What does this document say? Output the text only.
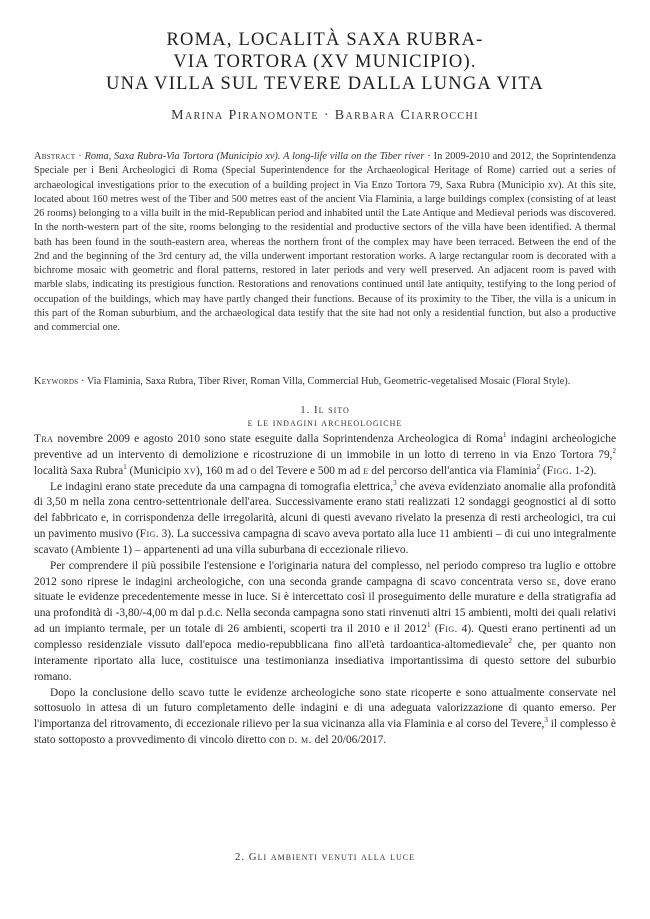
ROMA, LOCALITÀ SAXA RUBRA-
VIA TORTORA (XV MUNICIPIO).
UNA VILLA SUL TEVERE DALLA LUNGA VITA
Marina Piranomonte · Barbara Ciarrocchi
Abstract · Roma, Saxa Rubra-Via Tortora (Municipio xv). A long-life villa on the Tiber river · In 2009-2010 and 2012, the Soprintendenza Speciale per i Beni Archeologici di Roma (Special Superintendence for the Archaeological Heritage of Rome) carried out a series of archaeological investigations prior to the execution of a building project in Via Enzo Tortora 79, Saxa Rubra (Municipio xv). At this site, located about 160 metres west of the Tiber and 500 metres east of the ancient Via Flaminia, a large buildings complex (consisting of at least 26 rooms) belonging to a villa built in the mid-Republican period and inhabited until the Late Antique and Medieval periods was discovered. In the north-western part of the site, rooms belonging to the residential and productive sectors of the villa have been identified. A thermal bath has been found in the south-eastern area, whereas the northern front of the complex may have been terraced. Between the end of the 2nd and the beginning of the 3rd century ad, the villa underwent important restoration works. A large rectangular room is decorated with a bichrome mosaic with geometric and floral patterns, restored in later periods and very well preserved. An adjacent room is paved with marble slabs, indicating its prestigious function. Restorations and renovations continued until late antiquity, testifying to the long period of occupation of the buildings, which may have partly changed their functions. Because of its proximity to the Tiber, the villa is a unicum in this part of the Roman suburbium, and the archaeological data testify that the site had not only a residential function, but also a productive and commercial one.
Keywords · Via Flaminia, Saxa Rubra, Tiber River, Roman Villa, Commercial Hub, Geometric-vegetalised Mosaic (Floral Style).
1. Il sito
e le indagini archeologiche

Tra novembre 2009 e agosto 2010 sono state eseguite dalla Soprintendenza Archeologica di Roma$^1$ indagini archeologiche preventive ad un intervento di demolizione e ricostruzione di un immobile in un lotto di terreno in via Enzo Tortora 79,$^2$ località Saxa Rubra$^1$ (Municipio xv), 160 m ad o del Tevere e 500 m ad e del percorso dell'antica via Flaminia$^2$ (Figg. 1-2).

Le indagini erano state precedute da una campagna di tomografia elettrica,$^3$ che aveva evidenziato anomalie alla profondità di 3,50 m nella zona centro-settentrionale dell'area. Successivamente erano stati realizzati 12 sondaggi geognostici al di sotto del fabbricato e, in corrispondenza delle irregolarità, alcuni di questi avevano rivelato la presenza di resti archeologici, tra cui un pavimento musivo (Fig. 3). La successiva campagna di scavo aveva portato alla luce 11 ambienti – di cui uno integralmente scavato (Ambiente 1) – appartenenti ad una villa suburbana di eccezionale rilievo.

Per comprendere il più possibile l'estensione e l'originaria natura del complesso, nel periodo compreso tra luglio e ottobre 2012 sono riprese le indagini archeologiche, con una seconda grande campagna di scavo concentrata verso se, dove erano situate le evidenze precedentemente messe in luce. Si è intercettato così il proseguimento delle murature e della stratigrafia ad una profondità di -3,80/-4,00 m dal p.d.c. Nella seconda campagna sono stati rinvenuti altri 15 ambienti, molti dei quali relativi ad un impianto termale, per un totale di 26 ambienti, scoperti tra il 2010 e il 2012$^1$ (Fig. 4). Questi erano pertinenti ad un complesso residenziale vissuto dall'epoca medio-repubblicana fino all'età tardoantica-altomedievale$^2$ che, per quanto non interamente riportato alla luce, costituisce una testimonianza insediativa importantissima di questo settore del suburbio romano.

Dopo la conclusione dello scavo tutte le evidenze archeologiche sono state ricoperte e sono attualmente conservate nel sottosuolo in attesa di un futuro completamento delle indagini e di una adeguata valorizzazione di quanto emerso. Per l'importanza del ritrovamento, di eccezionale rilievo per la sua vicinanza alla via Flaminia e al corso del Tevere,$^3$ il complesso è stato sottoposto a provvedimento di vincolo diretto con d. m. del 20/06/2017.

2. Gli ambienti venuti alla luce
